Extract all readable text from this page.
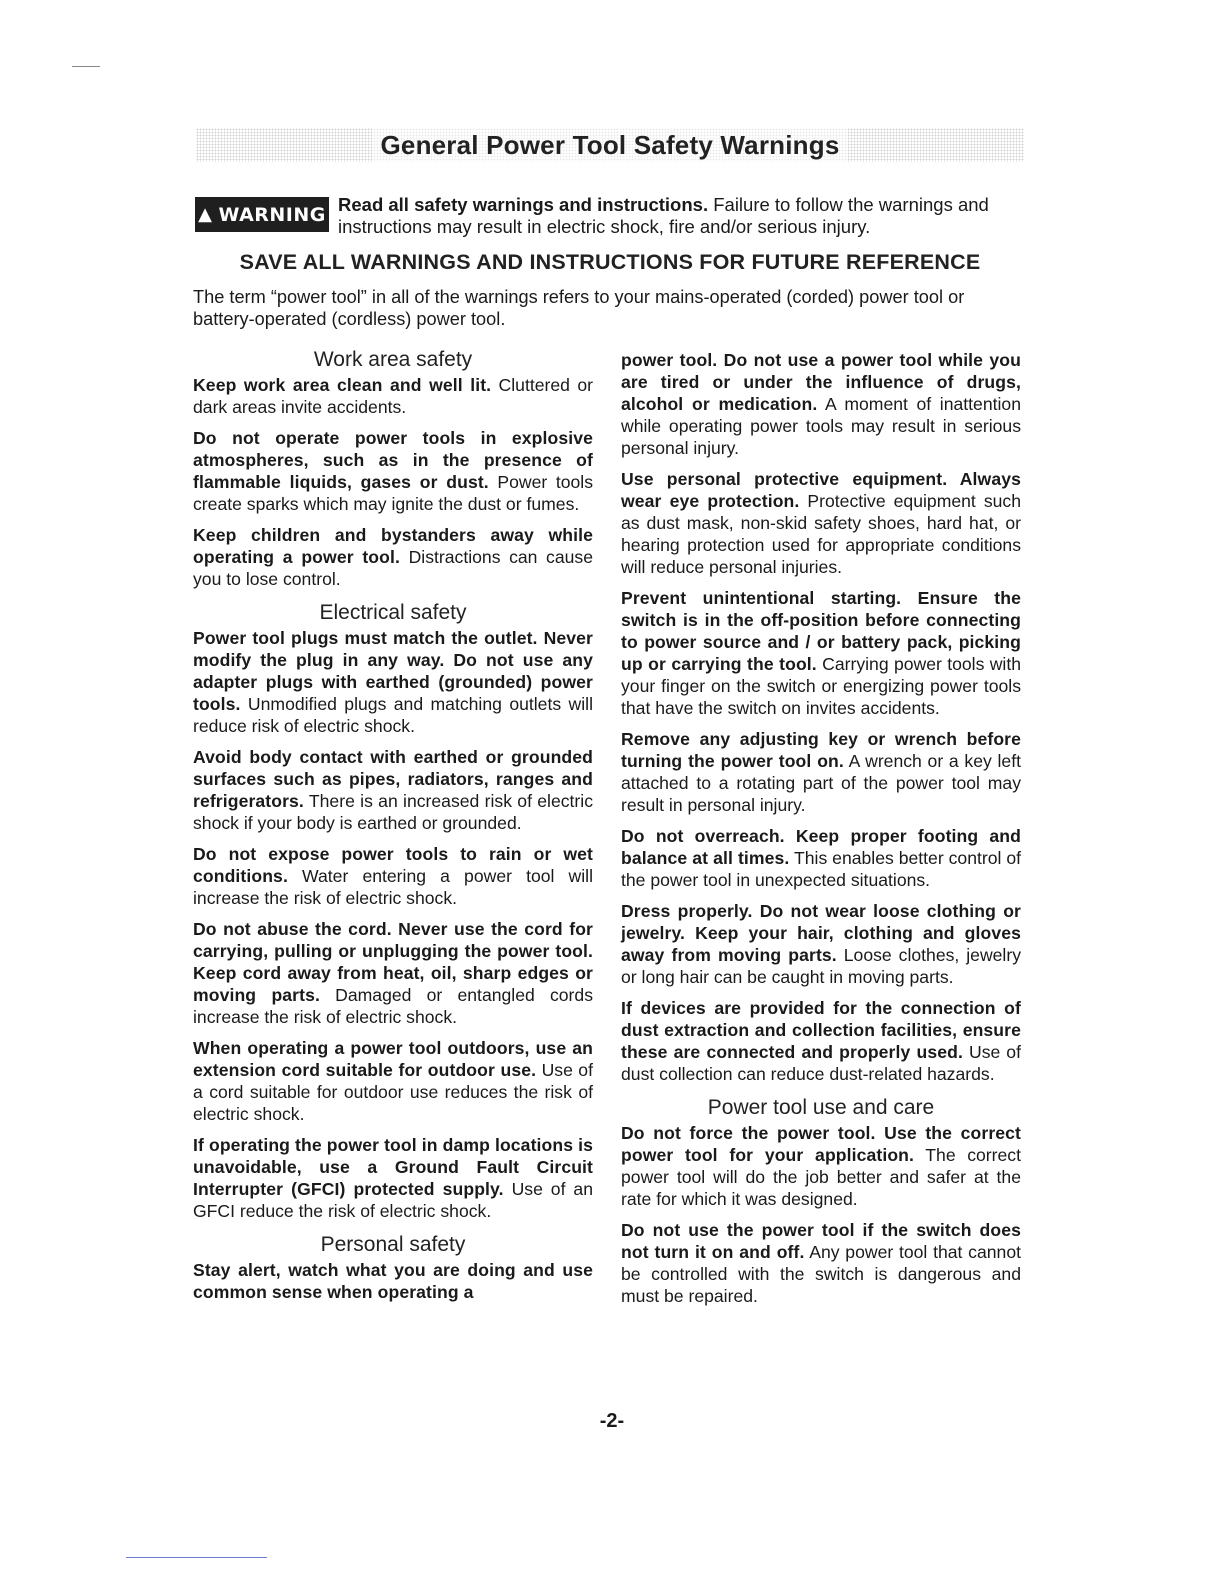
General Power Tool Safety Warnings
▲ WARNING Read all safety warnings and instructions. Failure to follow the warnings and instructions may result in electric shock, fire and/or serious injury.
SAVE ALL WARNINGS AND INSTRUCTIONS FOR FUTURE REFERENCE
The term “power tool” in all of the warnings refers to your mains-operated (corded) power tool or battery-operated (cordless) power tool.
Work area safety

Keep work area clean and well lit. Cluttered or dark areas invite accidents.

Do not operate power tools in explosive atmospheres, such as in the presence of flammable liquids, gases or dust. Power tools create sparks which may ignite the dust or fumes.

Keep children and bystanders away while operating a power tool. Distractions can cause you to lose control.

Electrical safety

Power tool plugs must match the outlet. Never modify the plug in any way. Do not use any adapter plugs with earthed (grounded) power tools. Unmodified plugs and matching outlets will reduce risk of electric shock.

Avoid body contact with earthed or grounded surfaces such as pipes, radiators, ranges and refrigerators. There is an increased risk of electric shock if your body is earthed or grounded.

Do not expose power tools to rain or wet conditions. Water entering a power tool will increase the risk of electric shock.

Do not abuse the cord. Never use the cord for carrying, pulling or unplugging the power tool. Keep cord away from heat, oil, sharp edges or moving parts. Damaged or entangled cords increase the risk of electric shock.

When operating a power tool outdoors, use an extension cord suitable for outdoor use. Use of a cord suitable for outdoor use reduces the risk of electric shock.

If operating the power tool in damp locations is unavoidable, use a Ground Fault Circuit Interrupter (GFCI) protected supply. Use of an GFCI reduce the risk of electric shock.

Personal safety

Stay alert, watch what you are doing and use common sense when operating a

power tool. Do not use a power tool while you are tired or under the influence of drugs, alcohol or medication. A moment of inattention while operating power tools may result in serious personal injury.

Use personal protective equipment. Always wear eye protection. Protective equipment such as dust mask, non-skid safety shoes, hard hat, or hearing protection used for appropriate conditions will reduce personal injuries.

Prevent unintentional starting. Ensure the switch is in the off-position before connecting to power source and / or battery pack, picking up or carrying the tool. Carrying power tools with your finger on the switch or energizing power tools that have the switch on invites accidents.

Remove any adjusting key or wrench before turning the power tool on. A wrench or a key left attached to a rotating part of the power tool may result in personal injury.

Do not overreach. Keep proper footing and balance at all times. This enables better control of the power tool in unexpected situations.

Dress properly. Do not wear loose clothing or jewelry. Keep your hair, clothing and gloves away from moving parts. Loose clothes, jewelry or long hair can be caught in moving parts.

If devices are provided for the connection of dust extraction and collection facilities, ensure these are connected and properly used. Use of dust collection can reduce dust-related hazards.

Power tool use and care

Do not force the power tool. Use the correct power tool for your application. The correct power tool will do the job better and safer at the rate for which it was designed.

Do not use the power tool if the switch does not turn it on and off. Any power tool that cannot be controlled with the switch is dangerous and must be repaired.

-2-
